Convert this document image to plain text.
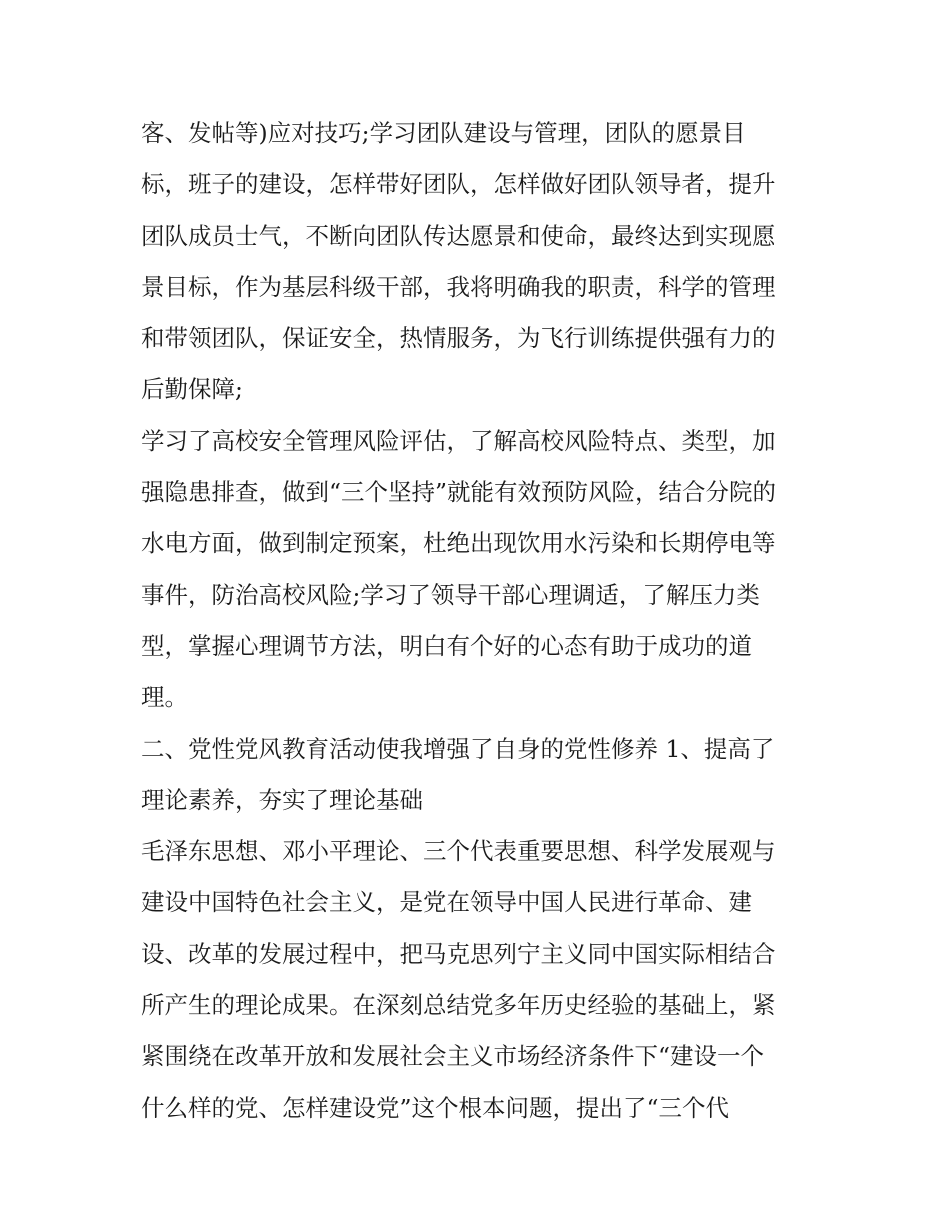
客、发帖等)应对技巧;学习团队建设与管理，团队的愿景目
标，班子的建设，怎样带好团队，怎样做好团队领导者，提升
团队成员士气，不断向团队传达愿景和使命，最终达到实现愿
景目标，作为基层科级干部，我将明确我的职责，科学的管理
和带领团队，保证安全，热情服务，为飞行训练提供强有力的
后勤保障;
学习了高校安全管理风险评估，了解高校风险特点、类型，加
强隐患排查，做到“三个坚持”就能有效预防风险，结合分院的
水电方面，做到制定预案，杜绝出现饮用水污染和长期停电等
事件，防治高校风险;学习了领导干部心理调适，了解压力类
型，掌握心理调节方法，明白有个好的心态有助于成功的道
理。
二、党性党风教育活动使我增强了自身的党性修养 1、提高了
理论素养，夯实了理论基础
毛泽东思想、邓小平理论、三个代表重要思想、科学发展观与
建设中国特色社会主义，是党在领导中国人民进行革命、建
设、改革的发展过程中，把马克思列宁主义同中国实际相结合
所产生的理论成果。在深刻总结党多年历史经验的基础上，紧
紧围绕在改革开放和发展社会主义市场经济条件下“建设一个
什么样的党、怎样建设党”这个根本问题，提出了“三个代
